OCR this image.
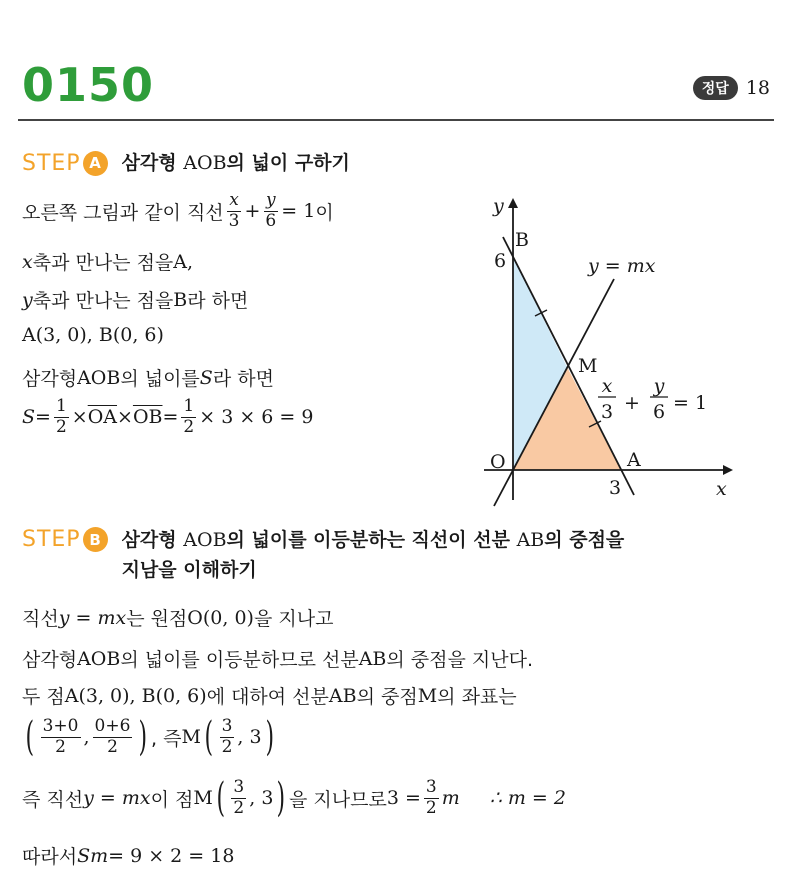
0150	정답 18
STEP A	삼각형 AOB의 넓이 구하기
오른쪽 그림과 같이 직선 $\frac{x}{3} + \frac{y}{6} = 1$ 이
x 축과 만나는 점을 A,
y 축과 만나는 점을 B 라 하면
A(3, 0), B(0, 6)
삼각형 AOB 의 넓이를 S 라 하면
$S = \frac{1}{2} \times \overline{OA} \times \overline{OB} = \frac{1}{2} \times 3 \times 6 = 9$
y
x
B
6
M
O	A
3
y = mx
x
3 +
y
6 = 1
STEP B	삼각형 AOB의 넓이를 이등분하는 직선이 선분 AB의 중점을
지남을 이해하기
직선 y = mx 는 원점 O(0, 0) 을 지나고
삼각형 AOB 의 넓이를 이등분하므로 선분 AB 의 중점을 지난다.
두 점 A(3, 0), B(0, 6) 에 대하여 선분 AB 의 중점 M 의 좌표는
( $\frac{3+0}{2}$ , $\frac{0+6}{2}$ ) , 즉 M ( $\frac{3}{2}$ , 3 )
즉 직선 y = mx 이 점 M ( $\frac{3}{2}$ , 3 ) 을 지나므로 $3 = \frac{3}{2}$ m ∴ m = 2
따라서 Sm = 9 × 2 = 18
